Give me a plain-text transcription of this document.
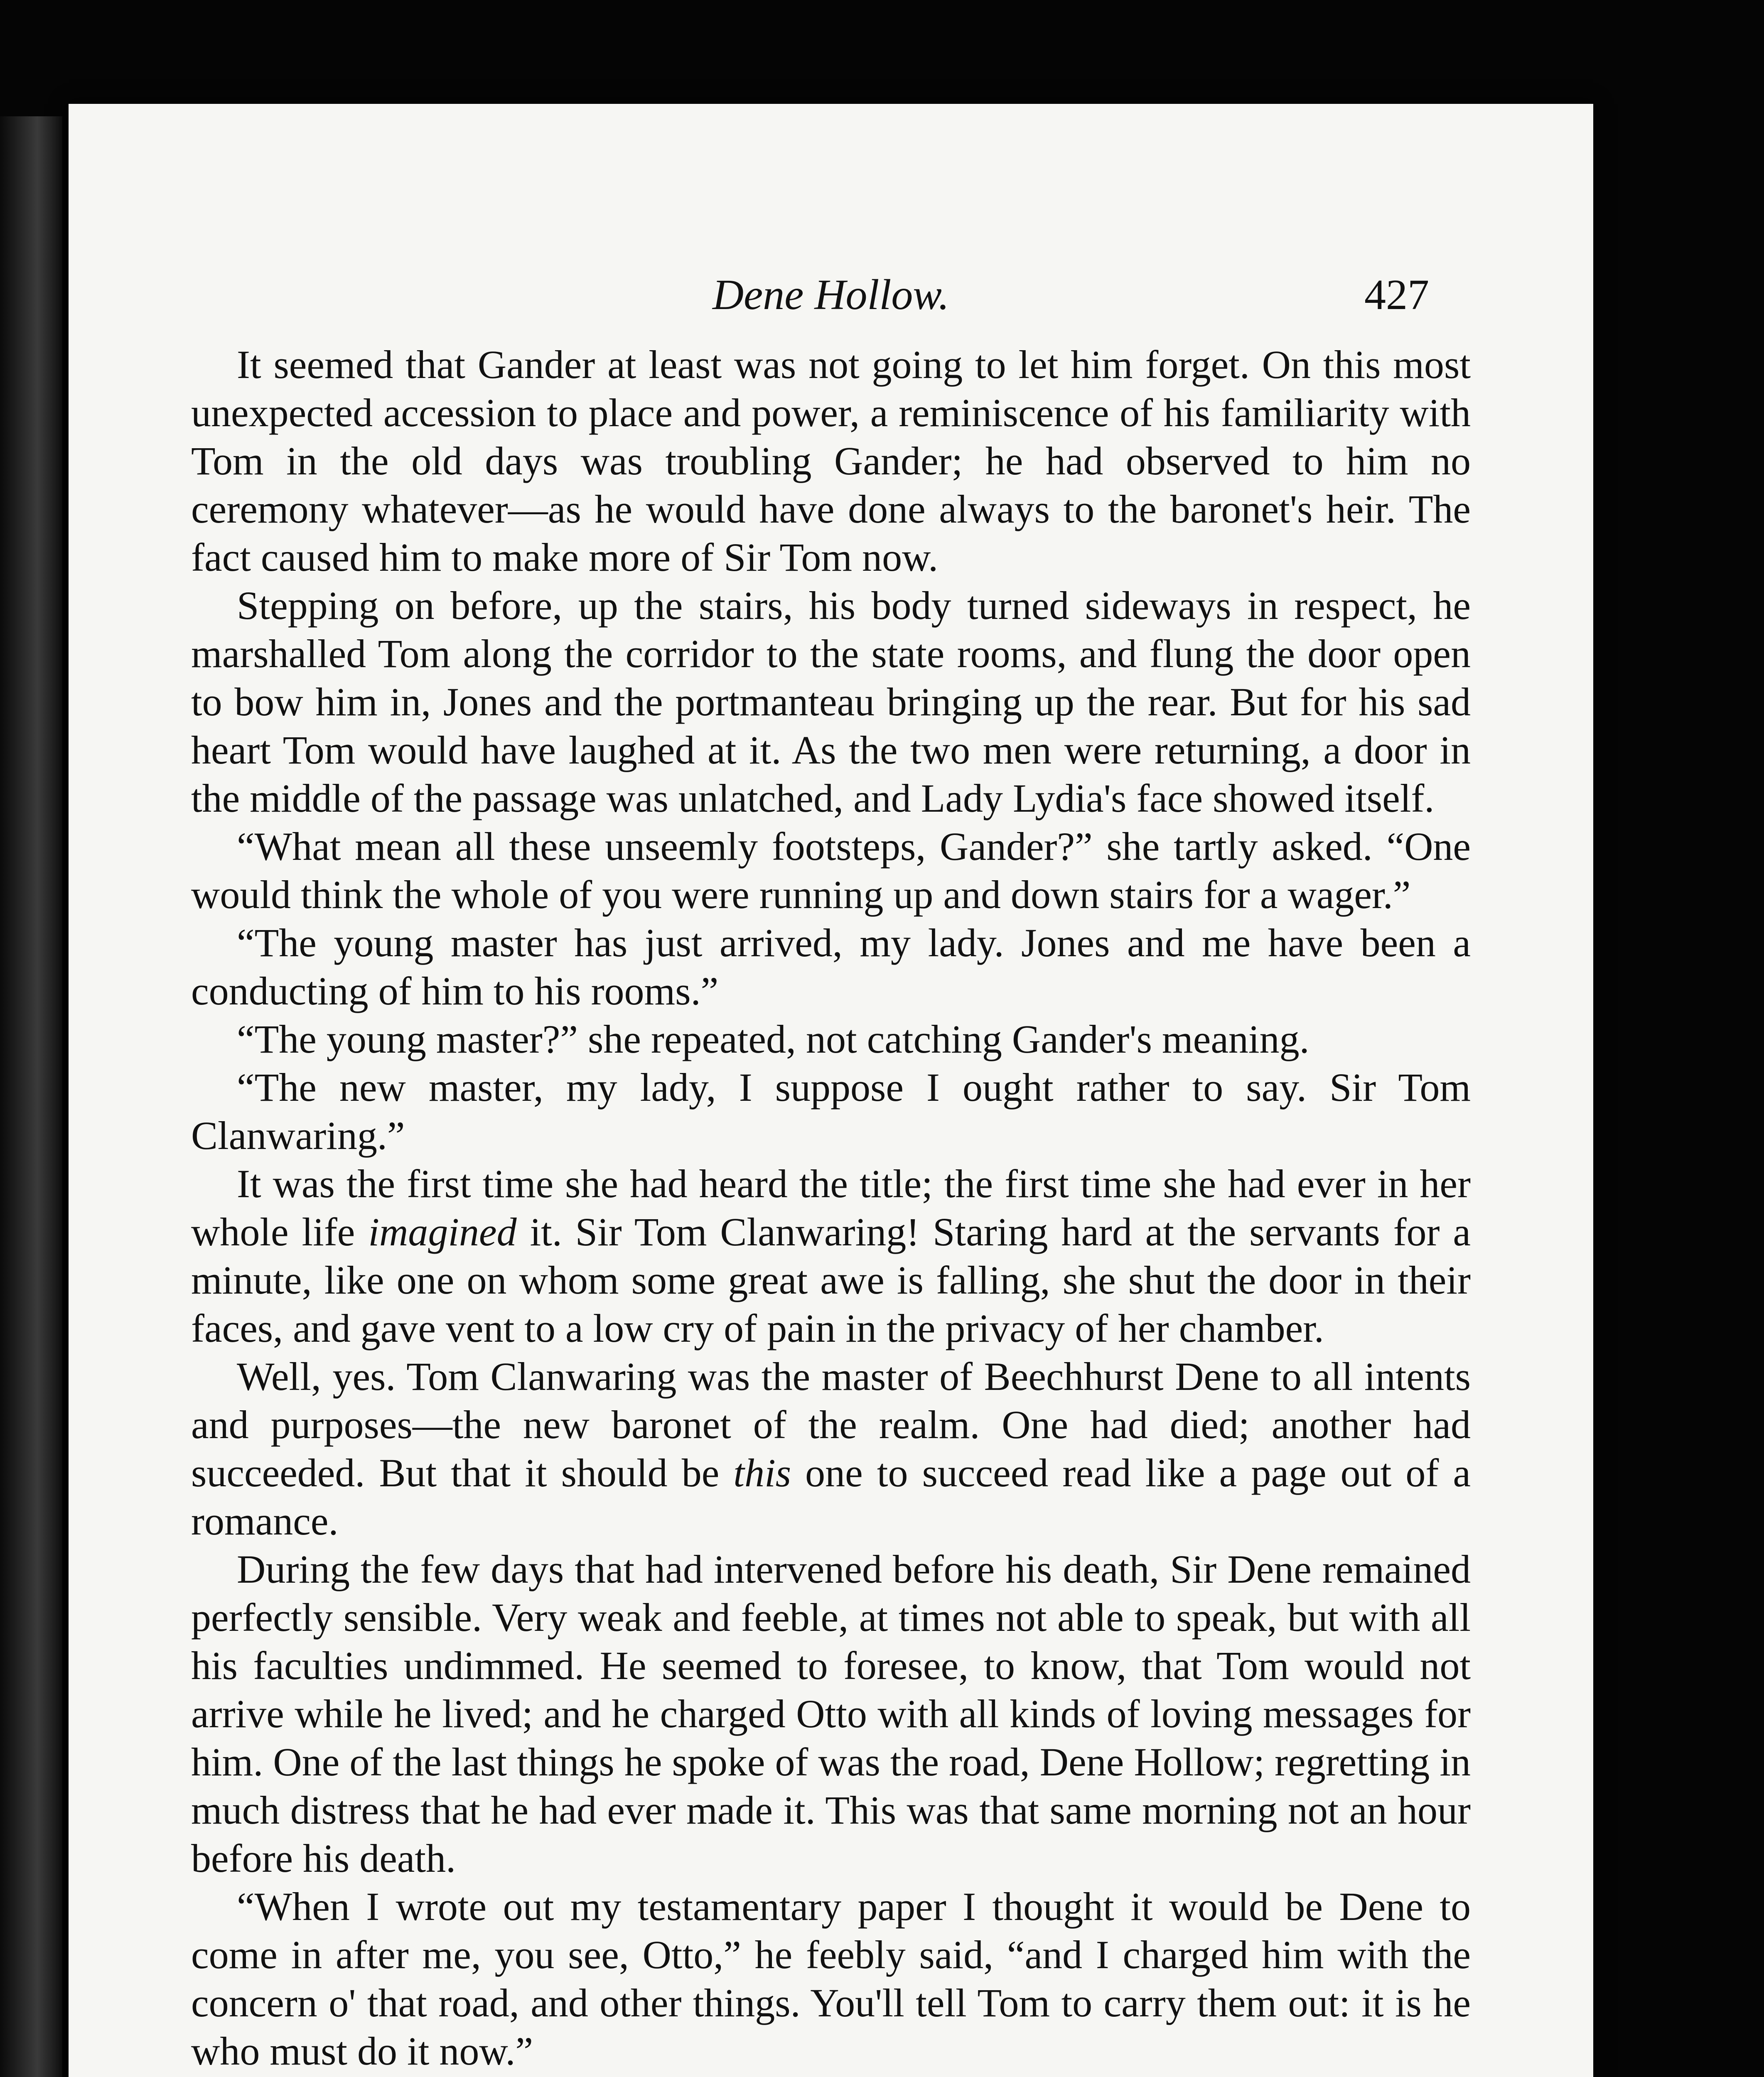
Dene Hollow.	427

It seemed that Gander at least was not going to let him forget. On this most unexpected accession to place and power, a reminiscence of his familiarity with Tom in the old days was troubling Gander; he had observed to him no ceremony whatever—as he would have done always to the baronet's heir. The fact caused him to make more of Sir Tom now.

Stepping on before, up the stairs, his body turned sideways in respect, he marshalled Tom along the corridor to the state rooms, and flung the door open to bow him in, Jones and the portmanteau bringing up the rear. But for his sad heart Tom would have laughed at it. As the two men were returning, a door in the middle of the passage was unlatched, and Lady Lydia's face showed itself.

“What mean all these unseemly footsteps, Gander?” she tartly asked. “One would think the whole of you were running up and down stairs for a wager.”

“The young master has just arrived, my lady. Jones and me have been a conducting of him to his rooms.”

“The young master?” she repeated, not catching Gander's meaning.

“The new master, my lady, I suppose I ought rather to say. Sir Tom Clanwaring.”

It was the first time she had heard the title; the first time she had ever in her whole life imagined it. Sir Tom Clanwaring! Staring hard at the servants for a minute, like one on whom some great awe is falling, she shut the door in their faces, and gave vent to a low cry of pain in the privacy of her chamber.

Well, yes. Tom Clanwaring was the master of Beechhurst Dene to all intents and purposes—the new baronet of the realm. One had died; another had succeeded. But that it should be this one to succeed read like a page out of a romance.

During the few days that had intervened before his death, Sir Dene remained perfectly sensible. Very weak and feeble, at times not able to speak, but with all his faculties undimmed. He seemed to foresee, to know, that Tom would not arrive while he lived; and he charged Otto with all kinds of loving messages for him. One of the last things he spoke of was the road, Dene Hollow; regretting in much distress that he had ever made it. This was that same morning not an hour before his death.

“When I wrote out my testamentary paper I thought it would be Dene to come in after me, you see, Otto,” he feebly said, “and I charged him with the concern o' that road, and other things. You'll tell Tom to carry them out: it is he who must do it now.”
